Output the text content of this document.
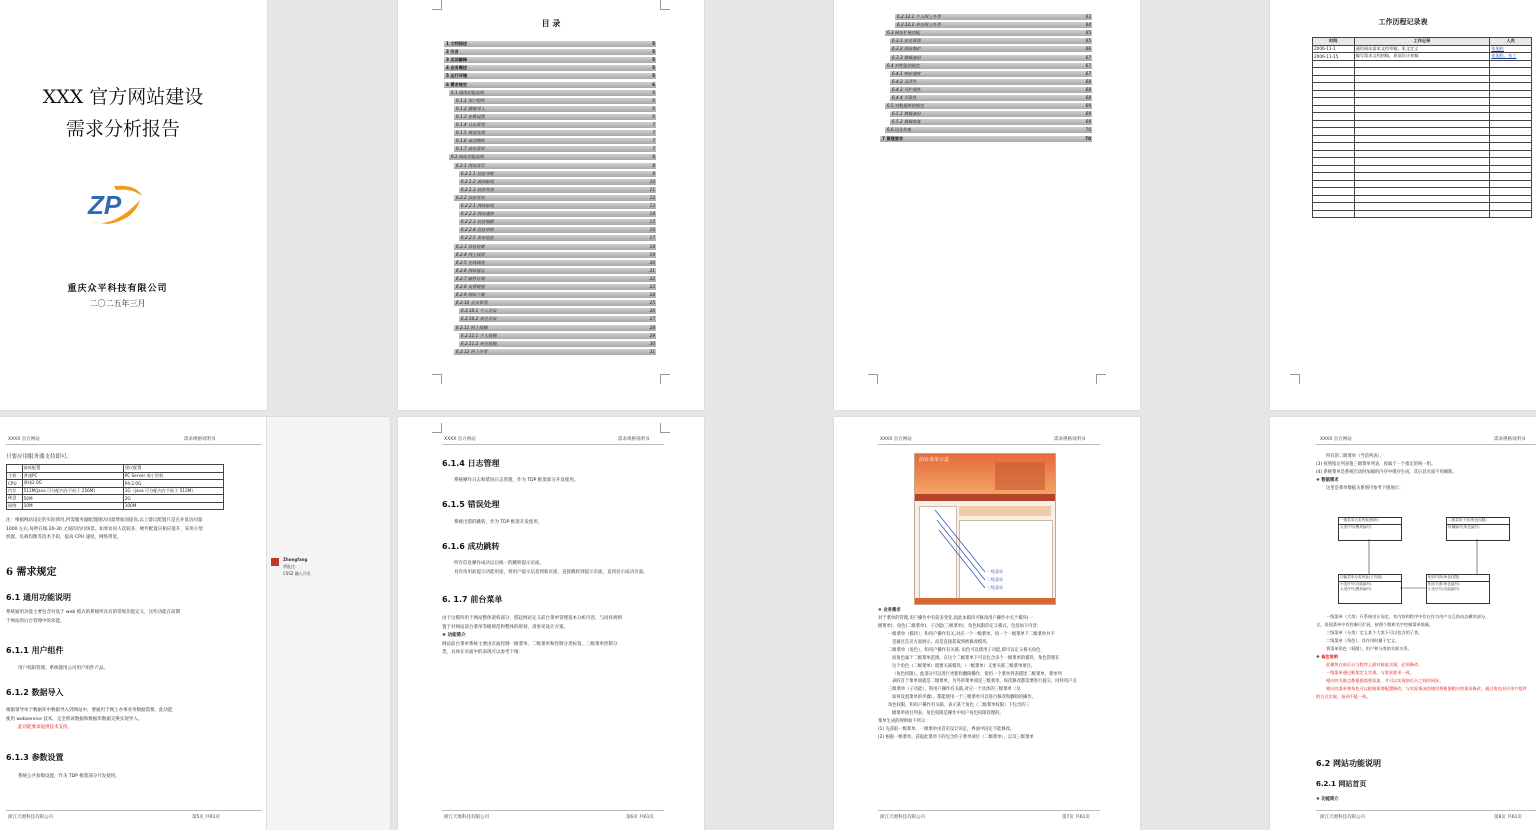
XXX 官方网站建设
需求分析报告
ZP
重庆众平科技有限公司
二〇二五年三月
目 录
1 文档综述	5
2 引言	5
3 名词解释	5
4 业务概述	5
5 运行环境	5
6 需求规定	6
6.1 通用功能说明	6
6.1.1 用户组件	6
6.1.2 数据导入	6
6.1.3 参数设置	6
6.1.4 日志管理	7
6.1.5 错误处理	7
6.1.6 成功跳转	7
6.1.7 前台菜单	7
6.2 网站功能说明	8
6.2.1 网站首页	8
6.2.1.1 信息导航	9
6.2.1.2 滚动新闻	10
6.2.1.3 信息列表	11
6.2.2 信息发布	12
6.2.2.1 网站新闻	13
6.2.2.2 网站通知	14
6.2.2.3 信息编辑	15
6.2.2.4 信息审核	16
6.2.2.5 发布信息	17
6.2.3 信息检索	18
6.2.4 网上投票	19
6.2.5 在线调查	20
6.2.6 网站留言	21
6.2.7 邮件订阅	22
6.2.8 友情链接	23
6.2.9 网站下载	24
6.2.10 会员管理	25
6.2.10.1 个人会员	26
6.2.10.2 单位会员	27
6.2.11 网上投稿	28
6.2.11.1 个人投稿	29
6.2.11.2 单位投稿	30
6.2.12 网上办事	31
6.2.12.1 个人网上办事	63
6.2.12.2 单位网上办事	64
6.3 网站扩展功能	65
6.3.1 安全管理	65
6.3.2 网站维护	66
6.3.3 数据备份	67
6.4 对性能的规定	67
6.4.1 响应速度	67
6.4.2 灵活性	68
6.4.3 可扩展性	68
6.4.4 可靠性	68
6.5 对数据库的规定	69
6.5.1 数据备份	69
6.5.2 数据恢复	69
6.6 设计约束	70
7 管理要求	70
工作历程记录表
时间	工作记录	人员
2006-11-1	通用网站需求文档草稿，张文定义	张旭松
2006-11-15	编写需求文档初稿，界面设计初稿	张旭松、张工

XXXX 官方网站	需求规格说明书
只要应用服务器支持即可。
	最低配置	建议配置
主机	普通PC	PC Server 或小型机
CPU	赛扬2.0G	P4-2.0G
内存	512M(java 可分配内存不低于 256M)	1G（java 可分配内存不低于 512M）
硬盘	50M	2G
网络	10M	100M
注：根据网站设定的实际情况,所需服务器配置随访问量增加而提高,以上建议配置只是在并发访问量
1000 左右,每秒在线 20-30 之间的访问场景。如果访问人次较多，硬件配置应相应提升，采用小型
机群、负载均衡等技术手段，提高 CPU 速度、网络带宽。
6 需求规定
6.1 通用功能说明
系统通用功能主要包含对基于 web 模式的系统所具有的常规功能定义，这些功能在前期
于网站的后台管理中的功能。
6.1.1 用户组件
用户权限管理、系统使用公司用户组件产品。
6.1.2 数据导入
根据领导单个数据库中数据导入到网站中，要通用于网上办事业务数据需要。此功能
使用 webservice 技术，完全将该数据和数据库数据交换实现导入。
此功能要求提供技术支持。
6.1.3 参数设置
系统公共参数设置，作为 TDP 框架部分开发使用。
浙江天地科技有限公司	第5页 共61页
Zhongfang
带批注：
CSS2 融入开发
XXXX 官方网站	需求规格说明书
6.1.4 日志管理
系统操作日志和错误日志管理，作为 TDP 框架部分开发使用。
6.1.5 错误处理
系统出错的跳转，作为 TDP 框架开发使用。
6.1.6 成功跳转
所有信息操作成功以后统一的跳转提示页面。
具有仿用前提示功能用途，将用户提示信息到新页面，直接跳转到提示页面，直到显示成功页面。
6. 1.7 前台菜单
由于这模块用于网站整体架构部分，搭起网站定义前台菜单管理基本分析内容，与同样规则
置于对网站前台菜单等级规范和整体的规划，请参见设计方案。
❖ 功能简介
网站前台菜单系统主要由页面控制一级菜单、二级菜单和控制分类标签、三级菜单控制分
类，具体在页面中的表现可以参考下图：
浙江天地科技有限公司	第6页 共61页
XXXX 官方网站	需求规格说明书
前台菜单示意
一级菜单
二级菜单
三级菜单
❖ 业务需求
对于菜单的管理,用户操作中有较多变化,因此本模块可修改用户操作中关于模块(一
级菜单)、角色(二级菜单)、子功能(三级菜单)、角色权限的定义模式，包括如下内容：
一级菜单（模块），和用户操作有关,对应一个一级菜单。同一个一级菜单下二级菜单并不
是通过首页方面展示，而是直接获取到被修改模块。
二级菜单（角色），和用户操作有关联, 角色可以使用子功能,即可以定义相关角色，
而角色属于二级菜单范围，在这个二级菜单下可以包含多个一级菜单的模块，角色管理在
这个角色（二级菜单）既要关联模块,（一级菜单）又要关联三级菜单项目,
（角色权限）。此部分可以进行更新和删除操作，使用一个菜单列表描述二级菜单，菜单列
表的首个菜单项就是二级菜单，另外的菜单项是三级菜单，每次修改都需要进行提交，同样用户点
三级菜单（子功能），和用户操作有关联,对应一个具体的三级菜单（及
如何设置菜单的步骤）。都能使用一个三级菜单可以进行修改和删除的操作。
角色权限，和用户操作有关联，表示某个角色（二级菜单权限）下包含的三
级菜单项目列表。角色权限是操作中用户角色权限管理的。
菜单生成的规则如下所示：
(1) 先获取一级菜单，一级菜单由首页设计决定，界面中固定不能修改。
(2) 根据一级菜单，获取此菜单下的包含的子菜单项目（二级菜单），以及三级菜单
浙江天地科技有限公司	第7页 共61页
XXXX 官方网站	需求规格说明书
所有的二级菜单（当前列表）。
(3) 按照指定列表值三级菜单列表，再属于一个指定的统一组。
(4) 系统菜单是系统启动时加载的内存中缓存生成，其后首页面不用刷新。
❖ 数据需求
这里是菜单数据关系图可参考下图展示：
一级菜单大类列表(模块)
大类序号(模块编号)
二级菜单子类(角色权限)
所属编号(角色编号)
功能菜单分类列表(子功能)
小类序号(功能编号)
大类序号(模块编号)
相应内容(角色权限)
相应关系(角色编号)
小类序号(功能编号)
一级菜单（大类）只系统设计而定，其内容和程序中存在作为用户交互的动态模块部分，
全，表现菜单中有控制可扩展，按照个数和名字控制菜单数量。
三级菜单（分类）定义某个大类下可以包含的子类。
二级菜单（角色），其作用时属于定义。
将菜单角色（权限），用户和分类的关联关系。
❖ 备注说明
此模块在前后台与程序上面对接是实现，必须修改。
一级菜单通过框架定义实现，与需求要求一致。
相应的关联点都根据需要添加，才可以实现前后台之间的同步。
相应的菜单和角色可以根据需要配置修改，与实际情况的使用将根据相应的需求修改，通过角色对应用户组件
的方式实现，看到不能一致。
6.2 网站功能说明
6.2.1 网站首页
❖ 功能简介
浙江天地科技有限公司	第8页 共61页
